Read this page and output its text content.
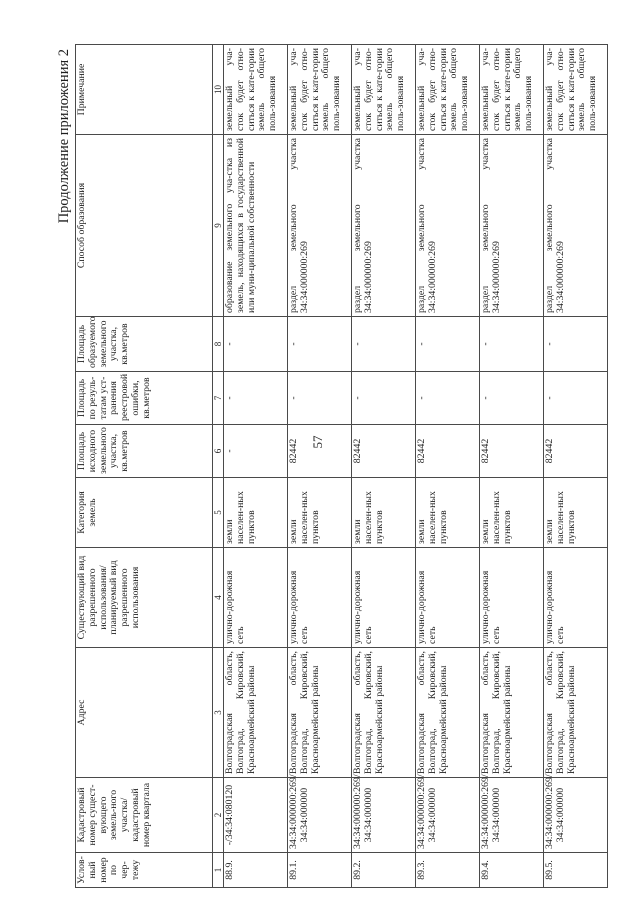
57
Продолжение приложения 2
Услов-ный номер по чер-тежу	Кадастровый номер сущест-вующего земель-ного участка/ кадастровый номер квартала	Адрес	Существующий вид разрешенного использования/ планируемый вид разрешенного использования	Категория земель	Площадь исходного земельного участка, кв.метров	Площадь по резуль-татам уст-ранения реестровой ошибки, кв.метров	Площадь образуемого земельного участка, кв.метров	Способ образования	Примечание
1	2	3	4	5	6	7	8	9	10
88.9.	-/34:34:080120	Волгоградская область, Волгоград, Кировский, Красноармейский районы	улично-дорожная сеть	земли населен-ных пунктов	-	-	-	образование земельного уча-стка из земель, находящихся в государственной или муни-ципальной собственности	земельный уча-сток будет отно-ситься к кате-гории земель общего поль-зования
89.1.	34:34:000000:269/ 34:34:000000	Волгоградская область, Волгоград, Кировский, Красноармейский районы	улично-дорожная сеть	земли населен-ных пунктов	82442	-	-	раздел земельного участка 34:34:000000:269	земельный уча-сток будет отно-ситься к кате-гории земель общего поль-зования
89.2.	34:34:000000:269/ 34:34:000000	Волгоградская область, Волгоград, Кировский, Красноармейский районы	улично-дорожная сеть	земли населен-ных пунктов	82442	-	-	раздел земельного участка 34:34:000000:269	земельный уча-сток будет отно-ситься к кате-гории земель общего поль-зования
89.3.	34:34:000000:269/ 34:34:000000	Волгоградская область, Волгоград, Кировский, Красноармейский районы	улично-дорожная сеть	земли населен-ных пунктов	82442	-	-	раздел земельного участка 34:34:000000:269	земельный уча-сток будет отно-ситься к кате-гории земель общего поль-зования
89.4.	34:34:000000:269/ 34:34:000000	Волгоградская область, Волгоград, Кировский, Красноармейский районы	улично-дорожная сеть	земли населен-ных пунктов	82442	-	-	раздел земельного участка 34:34:000000:269	земельный уча-сток будет отно-ситься к кате-гории земель общего поль-зования
89.5.	34:34:000000:269/ 34:34:000000	Волгоградская область, Волгоград, Кировский, Красноармейский районы	улично-дорожная сеть	земли населен-ных пунктов	82442	-	-	раздел земельного участка 34:34:000000:269	земельный уча-сток будет отно-ситься к кате-гории земель общего поль-зования
